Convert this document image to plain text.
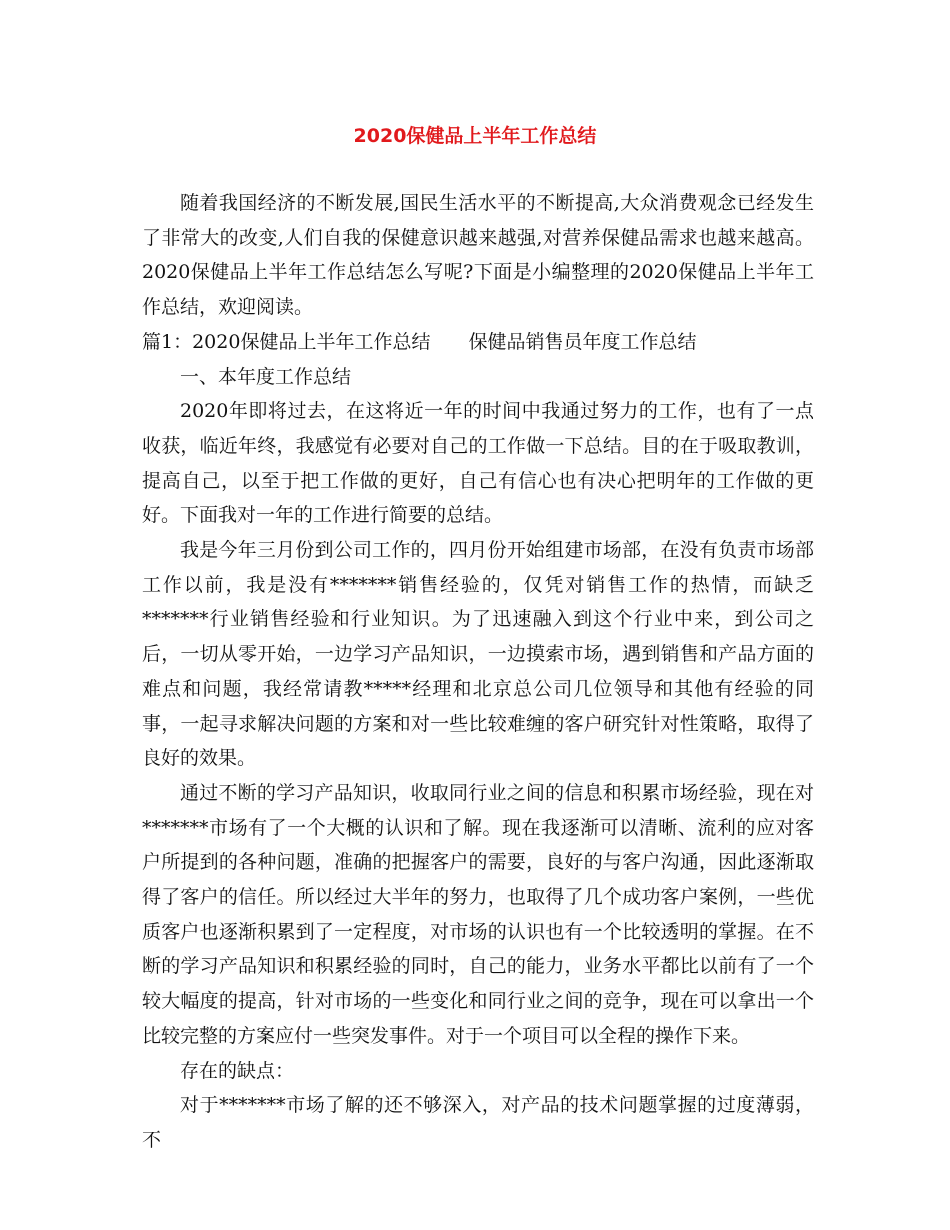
2020保健品上半年工作总结

随着我国经济的不断发展,国民生活水平的不断提高,大众消费观念已经发生了非常大的改变,人们自我的保健意识越来越强,对营养保健品需求也越来越高。2020保健品上半年工作总结怎么写呢?下面是小编整理的2020保健品上半年工作总结，欢迎阅读。

篇1：2020保健品上半年工作总结 保健品销售员年度工作总结

一、本年度工作总结

2020年即将过去，在这将近一年的时间中我通过努力的工作，也有了一点收获，临近年终，我感觉有必要对自己的工作做一下总结。目的在于吸取教训，提高自己，以至于把工作做的更好，自己有信心也有决心把明年的工作做的更好。下面我对一年的工作进行简要的总结。

我是今年三月份到公司工作的，四月份开始组建市场部，在没有负责市场部工作以前，我是没有*******销售经验的，仅凭对销售工作的热情，而缺乏*******行业销售经验和行业知识。为了迅速融入到这个行业中来，到公司之后，一切从零开始，一边学习产品知识，一边摸索市场，遇到销售和产品方面的难点和问题，我经常请教*****经理和北京总公司几位领导和其他有经验的同事，一起寻求解决问题的方案和对一些比较难缠的客户研究针对性策略，取得了良好的效果。

通过不断的学习产品知识，收取同行业之间的信息和积累市场经验，现在对*******市场有了一个大概的认识和了解。现在我逐渐可以清晰、流利的应对客户所提到的各种问题，准确的把握客户的需要，良好的与客户沟通，因此逐渐取得了客户的信任。所以经过大半年的努力，也取得了几个成功客户案例，一些优质客户也逐渐积累到了一定程度，对市场的认识也有一个比较透明的掌握。在不断的学习产品知识和积累经验的同时，自己的能力，业务水平都比以前有了一个较大幅度的提高，针对市场的一些变化和同行业之间的竞争，现在可以拿出一个比较完整的方案应付一些突发事件。对于一个项目可以全程的操作下来。

存在的缺点：

对于*******市场了解的还不够深入，对产品的技术问题掌握的过度薄弱，不
